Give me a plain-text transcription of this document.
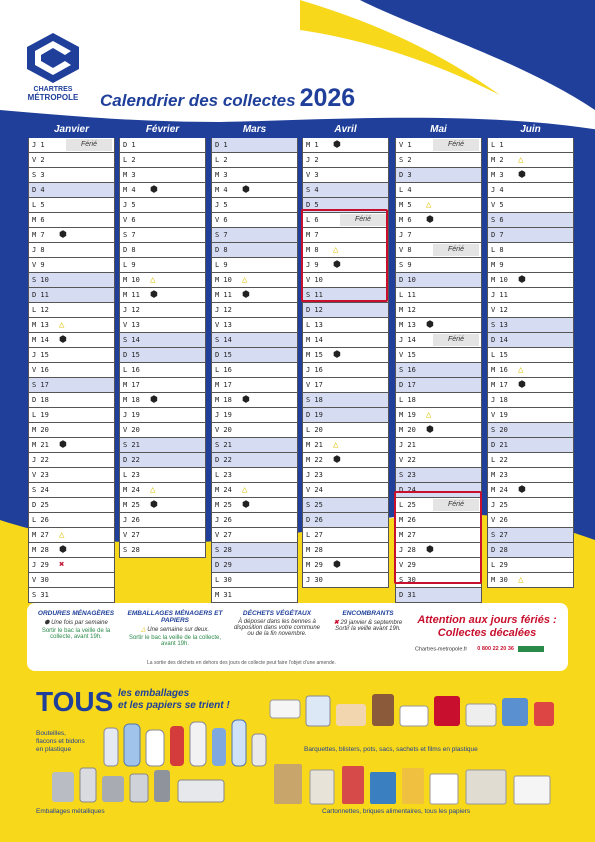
CHARTRES
MÉTROPOLE
Champseru
Calendrier des collectes 2026
Janvier
J 1	Férié
V 2
S 3
D 4
L 5
M 6
M 7 ⬢
J 8
V 9
S 10
D 11
L 12
M 13 △
M 14 ⬢
J 15
V 16
S 17
D 18
L 19
M 20
M 21 ⬢
J 22
V 23
S 24
D 25
L 26
M 27 △
M 28 ⬢
J 29 ✖
V 30
S 31
Février
D 1
L 2
M 3
M 4 ⬢
J 5
V 6
S 7
D 8
L 9
M 10 △
M 11 ⬢
J 12
V 13
S 14
D 15
L 16
M 17
M 18 ⬢
J 19
V 20
S 21
D 22
L 23
M 24 △
M 25 ⬢
J 26
V 27
S 28
Mars
D 1
L 2
M 3
M 4 ⬢
J 5
V 6
S 7
D 8
L 9
M 10 △
M 11 ⬢
J 12
V 13
S 14
D 15
L 16
M 17
M 18 ⬢
J 19
V 20
S 21
D 22
L 23
M 24 △
M 25 ⬢
J 26
V 27
S 28
D 29
L 30
M 31
Avril
M 1 ⬢
J 2
V 3
S 4
D 5
L 6	Férié
M 7
M 8 △
J 9 ⬢
V 10
S 11
D 12
L 13
M 14
M 15 ⬢
J 16
V 17
S 18
D 19
L 20
M 21 △
M 22 ⬢
J 23
V 24
S 25
D 26
L 27
M 28
M 29 ⬢
J 30
Mai
V 1	Férié
S 2
D 3
L 4
M 5 △
M 6 ⬢
J 7
V 8	Férié
S 9
D 10
L 11
M 12
M 13 ⬢
J 14	Férié
V 15
S 16
D 17
L 18
M 19 △
M 20 ⬢
J 21
V 22
S 23
D 24
L 25	Férié
M 26
M 27
J 28 ⬢
V 29
S 30
D 31
Juin
L 1
M 2 △
M 3 ⬢
J 4
V 5
S 6
D 7
L 8
M 9
M 10 ⬢
J 11
V 12
S 13
D 14
L 15
M 16 △
M 17 ⬢
J 18
V 19
S 20
D 21
L 22
M 23
M 24 ⬢
J 25
V 26
S 27
D 28
L 29
M 30 △
ORDURES MÉNAGÈRES
⬢ Une fois par semaine
Sortir le bac la veille de la collecte, avant 19h.
EMBALLAGES MÉNAGERS ET PAPIERS
△ Une semaine sur deux.
Sortir le bac la veille de la collecte, avant 19h.
DÉCHETS VÉGÉTAUX
À déposer dans les bennes à disposition dans votre commune ou de la fin novembre.
ENCOMBRANTS
✖ 29 janvier & septembre
Sortir la veille avant 19h.
Attention aux jours fériés : Collectes décalées
La sortie des déchets en dehors des jours de collecte peut faire l'objet d'une amende.
Chartres-metropole.fr 0 800 22 20 36
TOUS les emballages
et les papiers se trient !
Bouteilles,
flacons et bidons
en plastique
Emballages métalliques
Barquettes, blisters, pots, sacs, sachets et films en plastique
Cartonnettes, briques alimentaires, tous les papiers
